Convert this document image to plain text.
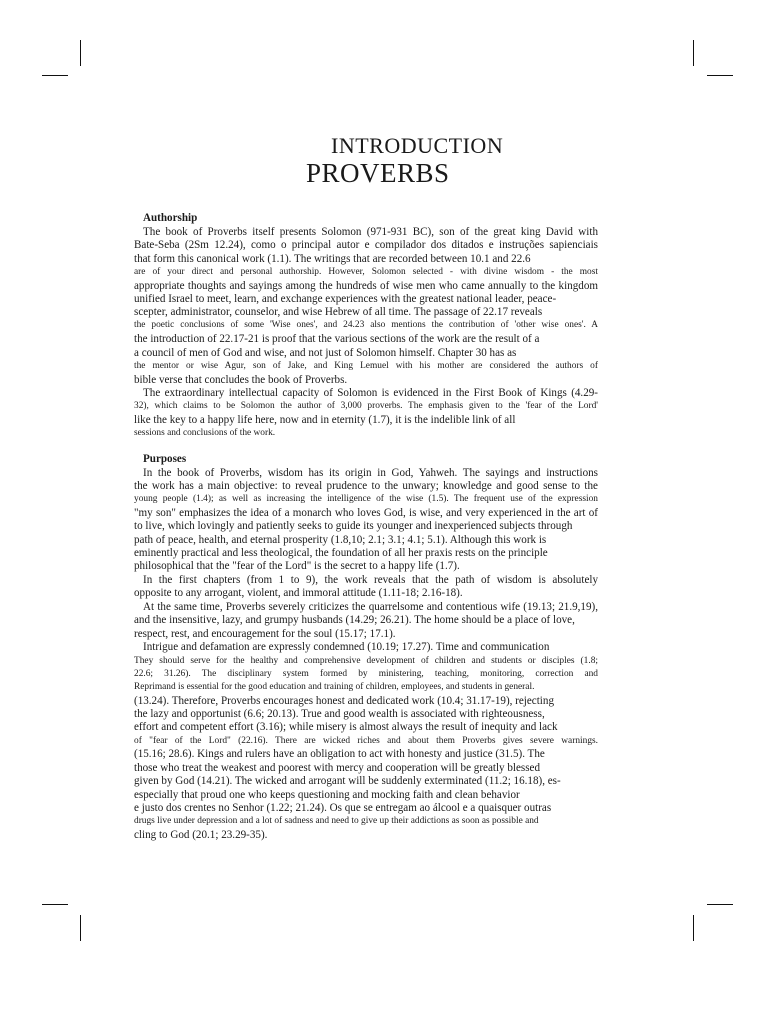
INTRODUCTION
PROVERBS
Authorship
The book of Proverbs itself presents Solomon (971-931 BC), son of the great king David with
Bate-Seba (2Sm 12.24), como o principal autor e compilador dos ditados e instruções sapienciais
that form this canonical work (1.1). The writings that are recorded between 10.1 and 22.6
are of your direct and personal authorship. However, Solomon selected - with divine wisdom - the most
appropriate thoughts and sayings among the hundreds of wise men who came annually to the kingdom
unified Israel to meet, learn, and exchange experiences with the greatest national leader, peace-
scepter, administrator, counselor, and wise Hebrew of all time. The passage of 22.17 reveals
the poetic conclusions of some 'Wise ones', and 24.23 also mentions the contribution of 'other wise ones'. A
the introduction of 22.17-21 is proof that the various sections of the work are the result of a
a council of men of God and wise, and not just of Solomon himself. Chapter 30 has as
the mentor or wise Agur, son of Jake, and King Lemuel with his mother are considered the authors of
bible verse that concludes the book of Proverbs.
The extraordinary intellectual capacity of Solomon is evidenced in the First Book of Kings (4.29-
32), which claims to be Solomon the author of 3,000 proverbs. The emphasis given to the 'fear of the Lord'
like the key to a happy life here, now and in eternity (1.7), it is the indelible link of all
sessions and conclusions of the work.
Purposes
In the book of Proverbs, wisdom has its origin in God, Yahweh. The sayings and instructions
the work has a main objective: to reveal prudence to the unwary; knowledge and good sense to the
young people (1.4); as well as increasing the intelligence of the wise (1.5). The frequent use of the expression
"my son" emphasizes the idea of a monarch who loves God, is wise, and very experienced in the art of
to live, which lovingly and patiently seeks to guide its younger and inexperienced subjects through
path of peace, health, and eternal prosperity (1.8,10; 2.1; 3.1; 4.1; 5.1). Although this work is
eminently practical and less theological, the foundation of all her praxis rests on the principle
philosophical that the "fear of the Lord" is the secret to a happy life (1.7).
In the first chapters (from 1 to 9), the work reveals that the path of wisdom is absolutely
opposite to any arrogant, violent, and immoral attitude (1.11-18; 2.16-18).
At the same time, Proverbs severely criticizes the quarrelsome and contentious wife (19.13; 21.9,19),
and the insensitive, lazy, and grumpy husbands (14.29; 26.21). The home should be a place of love,
respect, rest, and encouragement for the soul (15.17; 17.1).
Intrigue and defamation are expressly condemned (10.19; 17.27). Time and communication
They should serve for the healthy and comprehensive development of children and students or disciples (1.8;
22.6; 31.26). The disciplinary system formed by ministering, teaching, monitoring, correction and
Reprimand is essential for the good education and training of children, employees, and students in general.
(13.24). Therefore, Proverbs encourages honest and dedicated work (10.4; 31.17-19), rejecting
the lazy and opportunist (6.6; 20.13). True and good wealth is associated with righteousness,
effort and competent effort (3.16); while misery is almost always the result of inequity and lack
of "fear of the Lord" (22.16). There are wicked riches and about them Proverbs gives severe warnings.
(15.16; 28.6). Kings and rulers have an obligation to act with honesty and justice (31.5). The
those who treat the weakest and poorest with mercy and cooperation will be greatly blessed
given by God (14.21). The wicked and arrogant will be suddenly exterminated (11.2; 16.18), es-
especially that proud one who keeps questioning and mocking faith and clean behavior
e justo dos crentes no Senhor (1.22; 21.24). Os que se entregam ao álcool e a quaisquer outras
drugs live under depression and a lot of sadness and need to give up their addictions as soon as possible and
cling to God (20.1; 23.29-35).
